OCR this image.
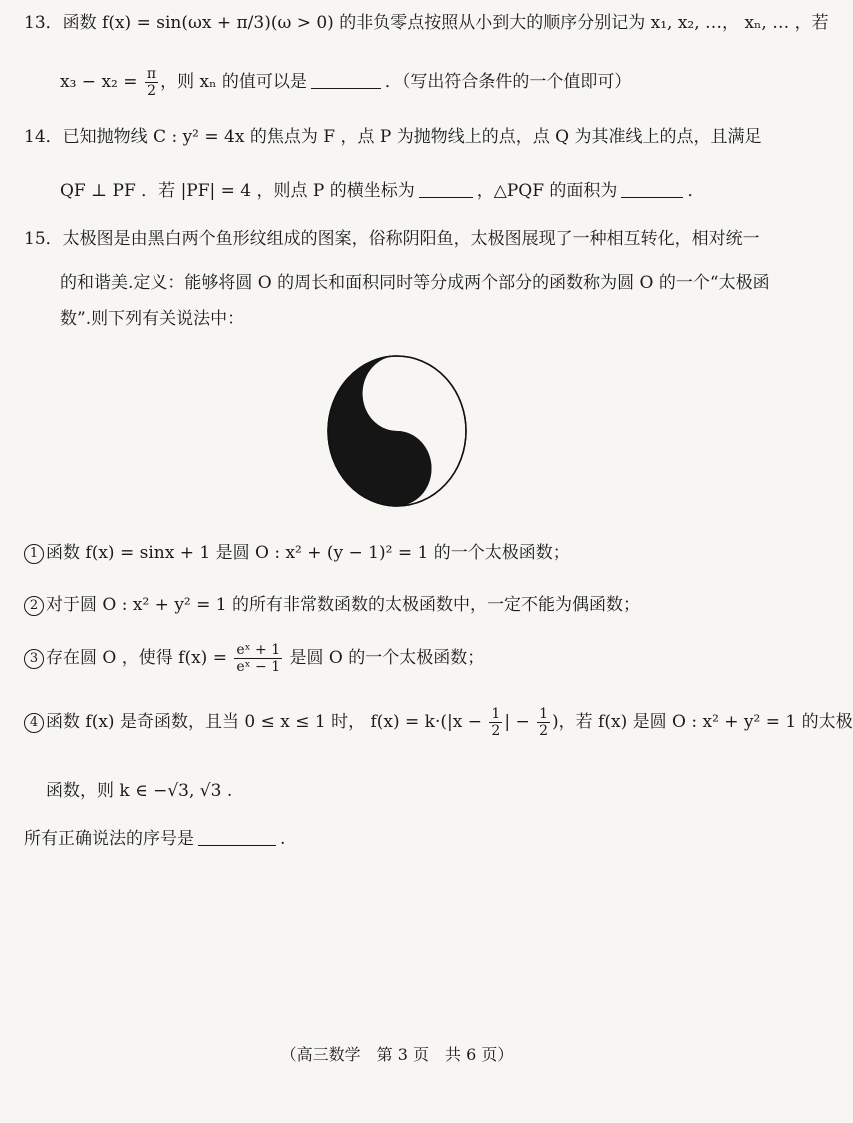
13．函数 f(x) = sin(ωx + π/3)(ω > 0) 的非负零点按照从小到大的顺序分别记为 x₁, x₂, …， xₙ, … ，若
$x_3 - x_2 = \frac{\pi}{2}$ ，则 xₙ 的值可以是	．（写出符合条件的一个值即可）
14．已知抛物线 C : y² = 4x 的焦点为 F ，点 P 为抛物线上的点，点 Q 为其准线上的点，且满足
QF ⊥ PF ．若 |PF| = 4 ，则点 P 的横坐标为	，△PQF 的面积为	．
15．太极图是由黑白两个鱼形纹组成的图案，俗称阴阳鱼，太极图展现了一种相互转化，相对统一
的和谐美.定义：能够将圆 O 的周长和面积同时等分成两个部分的函数称为圆 O 的一个“太极函
数”.则下列有关说法中：
1 函数 f(x) = sinx + 1 是圆 O : x² + (y − 1)² = 1 的一个太极函数；
2 对于圆 O : x² + y² = 1 的所有非常数函数的太极函数中，一定不能为偶函数；
3 存在圆 O ，使得 $f(x) = \frac{\text{eˣ + 1}}{\text{eˣ − 1}}$ 是圆 O 的一个太极函数；
4 函数 f(x) 是奇函数，且当 0 ≤ x ≤ 1 时， $f(x) = k\cdot(|x - \frac{1}{2}$ | − $\frac{1}{2}$ )，若 f(x) 是圆 O : x² + y² = 1 的太极
函数，则 k ∈ −√3, √3 .
所有正确说法的序号是	.
（高三数学　第 3 页　共 6 页）
